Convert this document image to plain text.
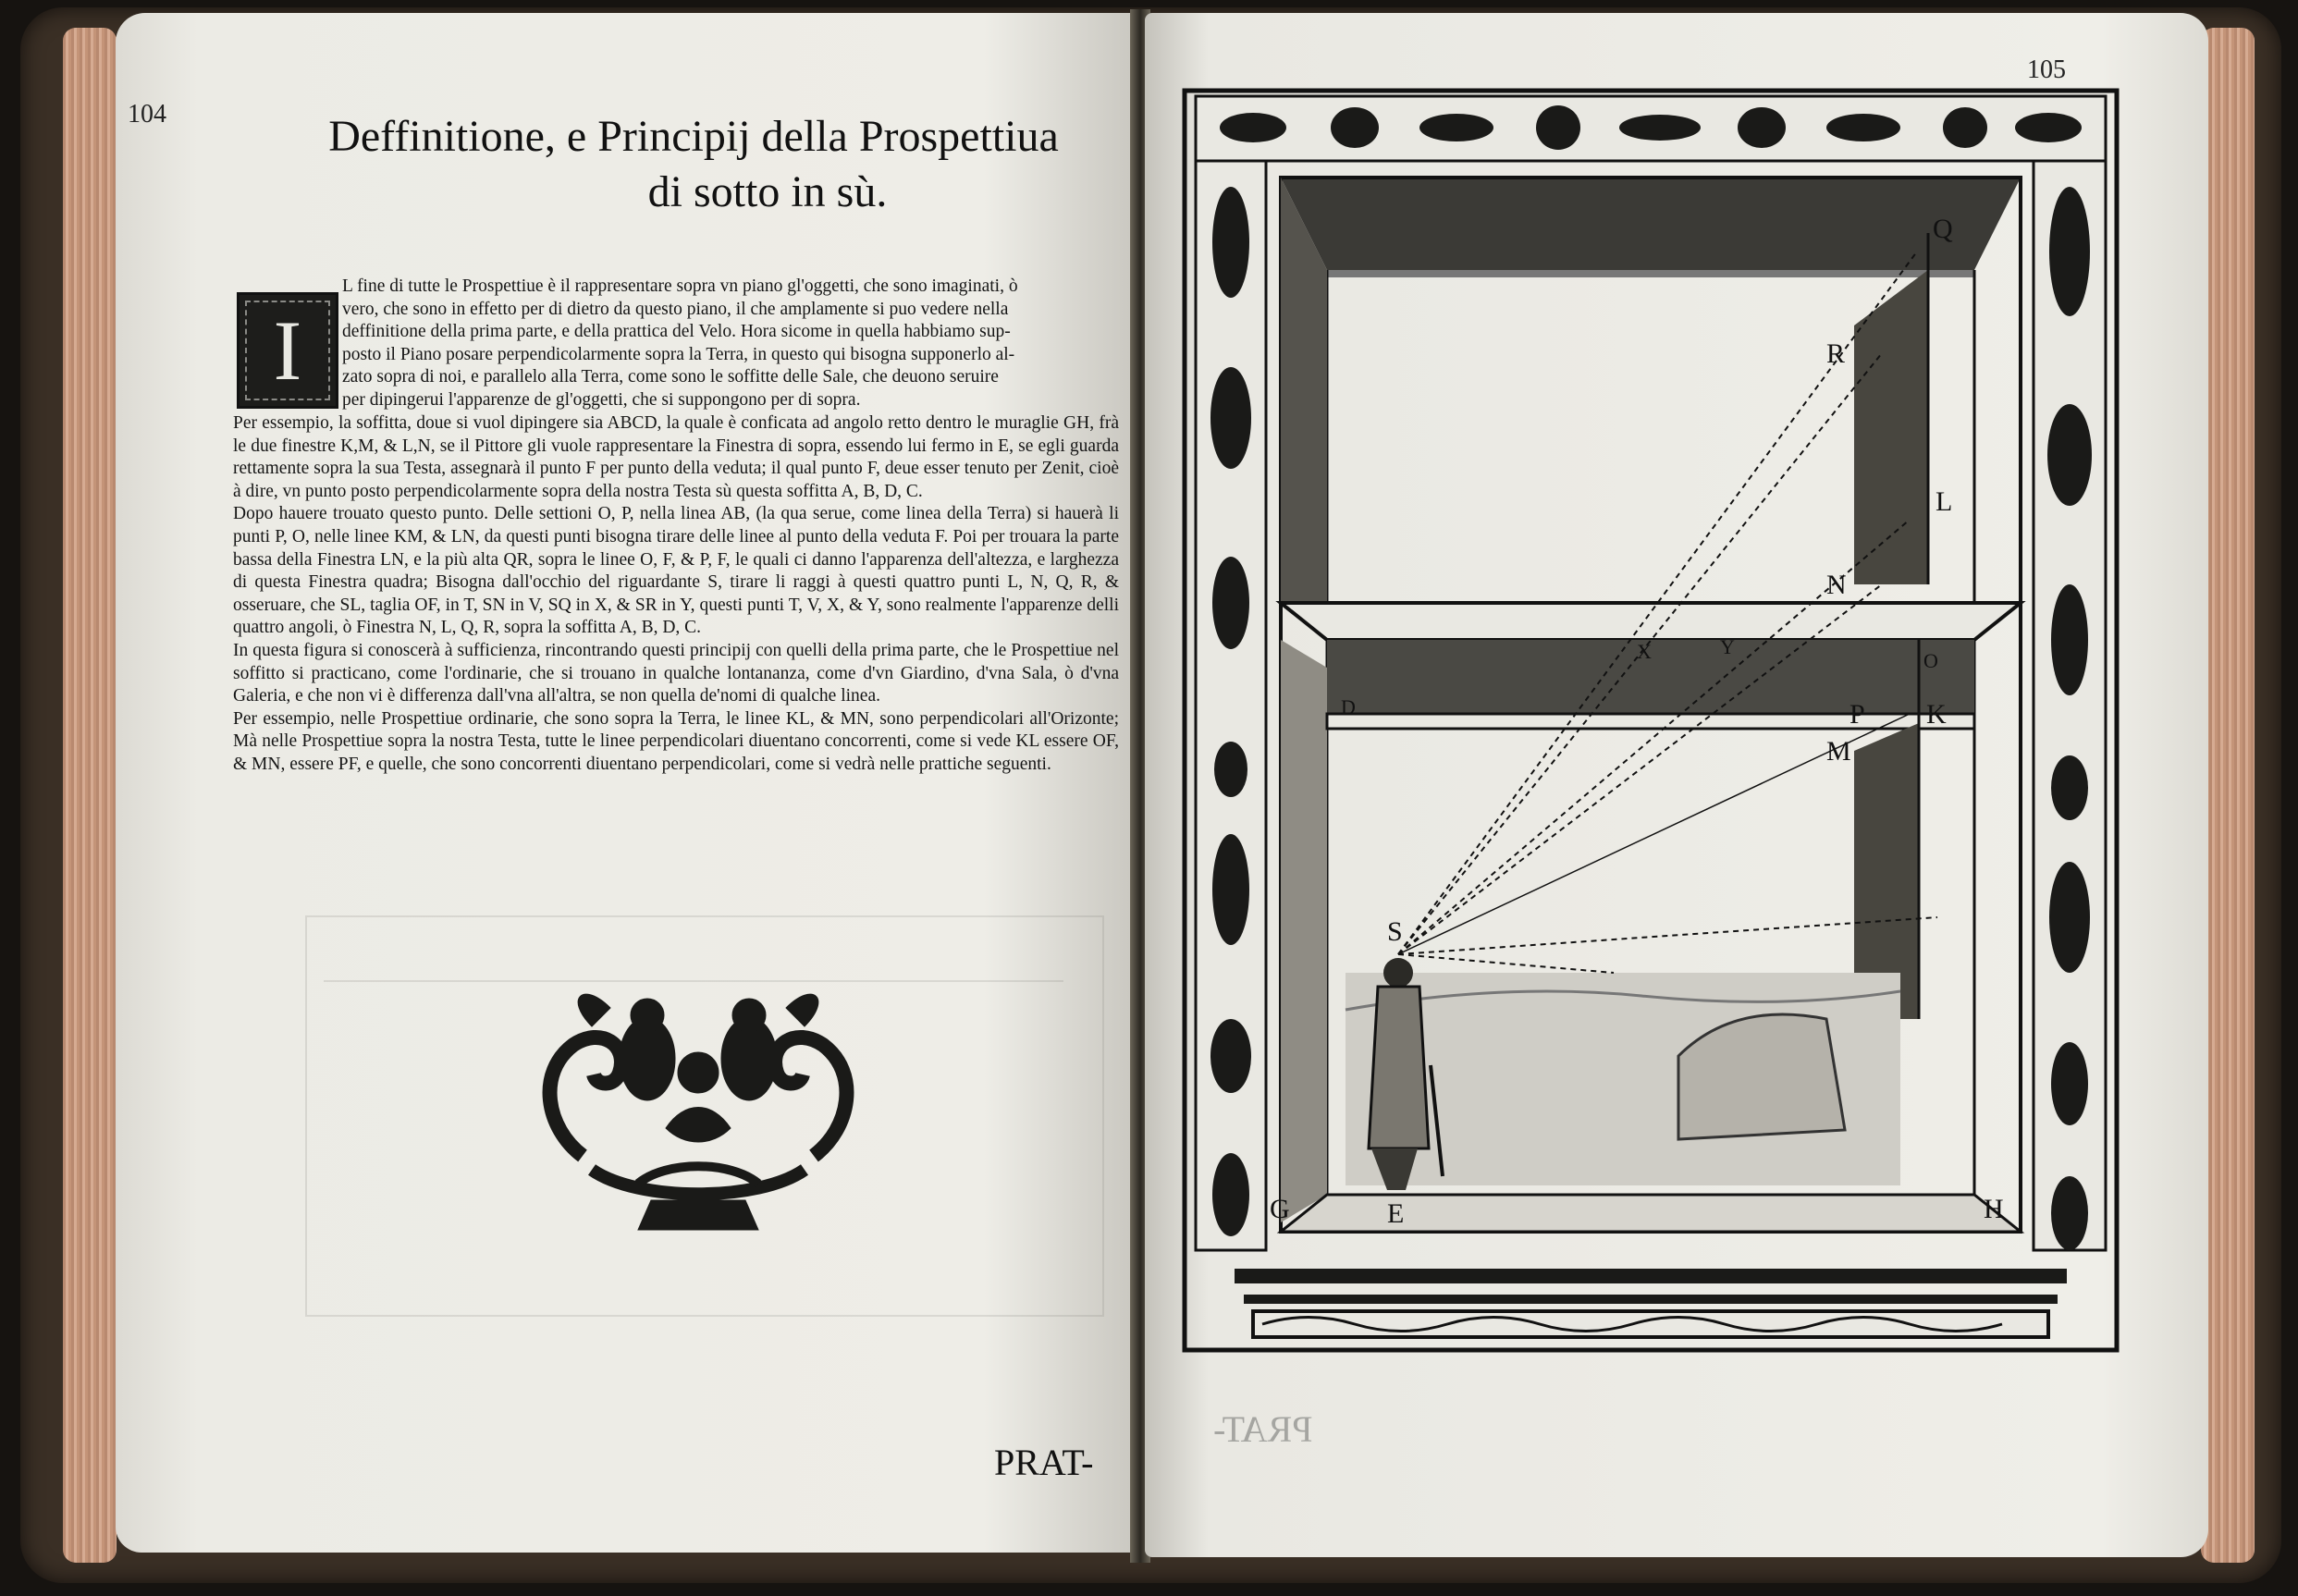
104	Deffinitione, e Principij della Prospettiua
di sotto in sù.
I

L fine di tutte le Prospettiue è il rappresentare sopra vn piano gl'oggetti, che sono imaginati, ò

vero, che sono in effetto per di dietro da questo piano, il che amplamente si puo vedere nella

deffinitione della prima parte, e della prattica del Velo. Hora sicome in quella habbiamo sup-

posto il Piano posare perpendicolarmente sopra la Terra, in questo qui bisogna supponerlo al-

zato sopra di noi, e parallelo alla Terra, come sono le soffitte delle Sale, che deuono seruire

per dipingerui l'apparenze de gl'oggetti, che si suppongono per di sopra.

Per essempio, la soffitta, doue si vuol dipingere sia ABCD, la quale è conficata ad angolo retto dentro le muraglie GH, frà le due finestre K,M, & L,N, se il Pittore gli vuole rappresentare la Finestra di sopra, essendo lui fermo in E, se egli guarda rettamente sopra la sua Testa, assegnarà il punto F per punto della veduta; il qual punto F, deue esser tenuto per Zenit, cioè à dire, vn punto posto perpendicolarmente sopra della nostra Testa sù questa soffitta A, B, D, C.

Dopo hauere trouato questo punto. Delle settioni O, P, nella linea AB, (la qua serue, come linea della Terra) si hauerà li punti P, O, nelle linee KM, & LN, da questi punti bisogna tirare delle linee al punto della veduta F. Poi per trouara la parte bassa della Finestra LN, e la più alta QR, sopra le linee O, F, & P, F, le quali ci danno l'apparenza dell'altezza, e larghezza di questa Finestra quadra; Bisogna dall'occhio del riguardante S, tirare li raggi à questi quattro punti L, N, Q, R, & osseruare, che SL, taglia OF, in T, SN in V, SQ in X, & SR in Y, questi punti T, V, X, & Y, sono realmente l'apparenze delli quattro angoli, ò Finestra N, L, Q, R, sopra la soffitta A, B, D, C.

In questa figura si conoscerà à sufficienza, rincontrando questi principij con quelli della prima parte, che le Prospettiue nel soffitto si practicano, come l'ordinarie, che si trouano in qualche lontananza, come d'vn Giardino, d'vna Sala, ò d'vna Galeria, e che non vi è differenza dall'vna all'altra, se non quella de'nomi di qualche linea.

Per essempio, nelle Prospettiue ordinarie, che sono sopra la Terra, le linee KL, & MN, sono perpendicolari all'Orizonte; Mà nelle Prospettiue sopra la nostra Testa, tutte le linee perpendicolari diuentano concorrenti, come si vede KL essere OF, & MN, essere PF, e quelle, che sono concorrenti diuentano perpendicolari, come si vedrà nelle prattiche seguenti.

PRAT-
105
Q
R
L
N
X	Y
O
K
P
M
D
S
E
G	H
PRAT-
